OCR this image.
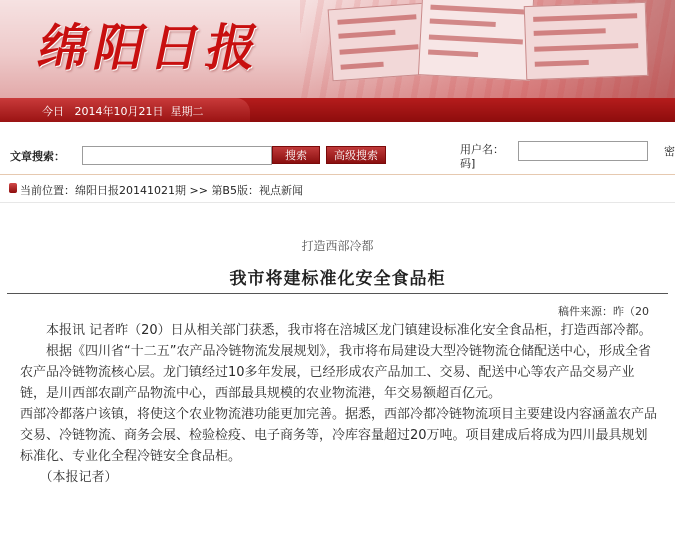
绵阳日报
今日   2014年10月21日  星期二
文章搜索：	搜索	高级搜索	用户名：
码]
密
当前位置：绵阳日报20141021期 >> 第B5版：视点新闻
打造西部冷都
我市将建标准化安全食品柜
稿件来源：昨（20

　　本报讯 记者昨（20）日从相关部门获悉，我市将在涪城区龙门镇建设标准化安全食品柜，打造西部冷都。

　　根据《四川省“十二五”农产品冷链物流发展规划》，我市将布局建设大型冷链物流仓储配送中心，形成全省农产品冷链物流核心层。龙门镇经过10多年发展，已经形成农产品加工、交易、配送中心等农产品交易产业链，是川西部农副产品物流中心，西部最具规模的农业物流港，年交易额超百亿元。

西部冷都落户该镇，将使这个农业物流港功能更加完善。据悉，西部冷都冷链物流项目主要建设内容涵盖农产品交易、冷链物流、商务会展、检验检疫、电子商务等，冷库容量超过20万吨。项目建成后将成为四川最具规划标准化、专业化全程冷链安全食品柜。

　　（本报记者）
